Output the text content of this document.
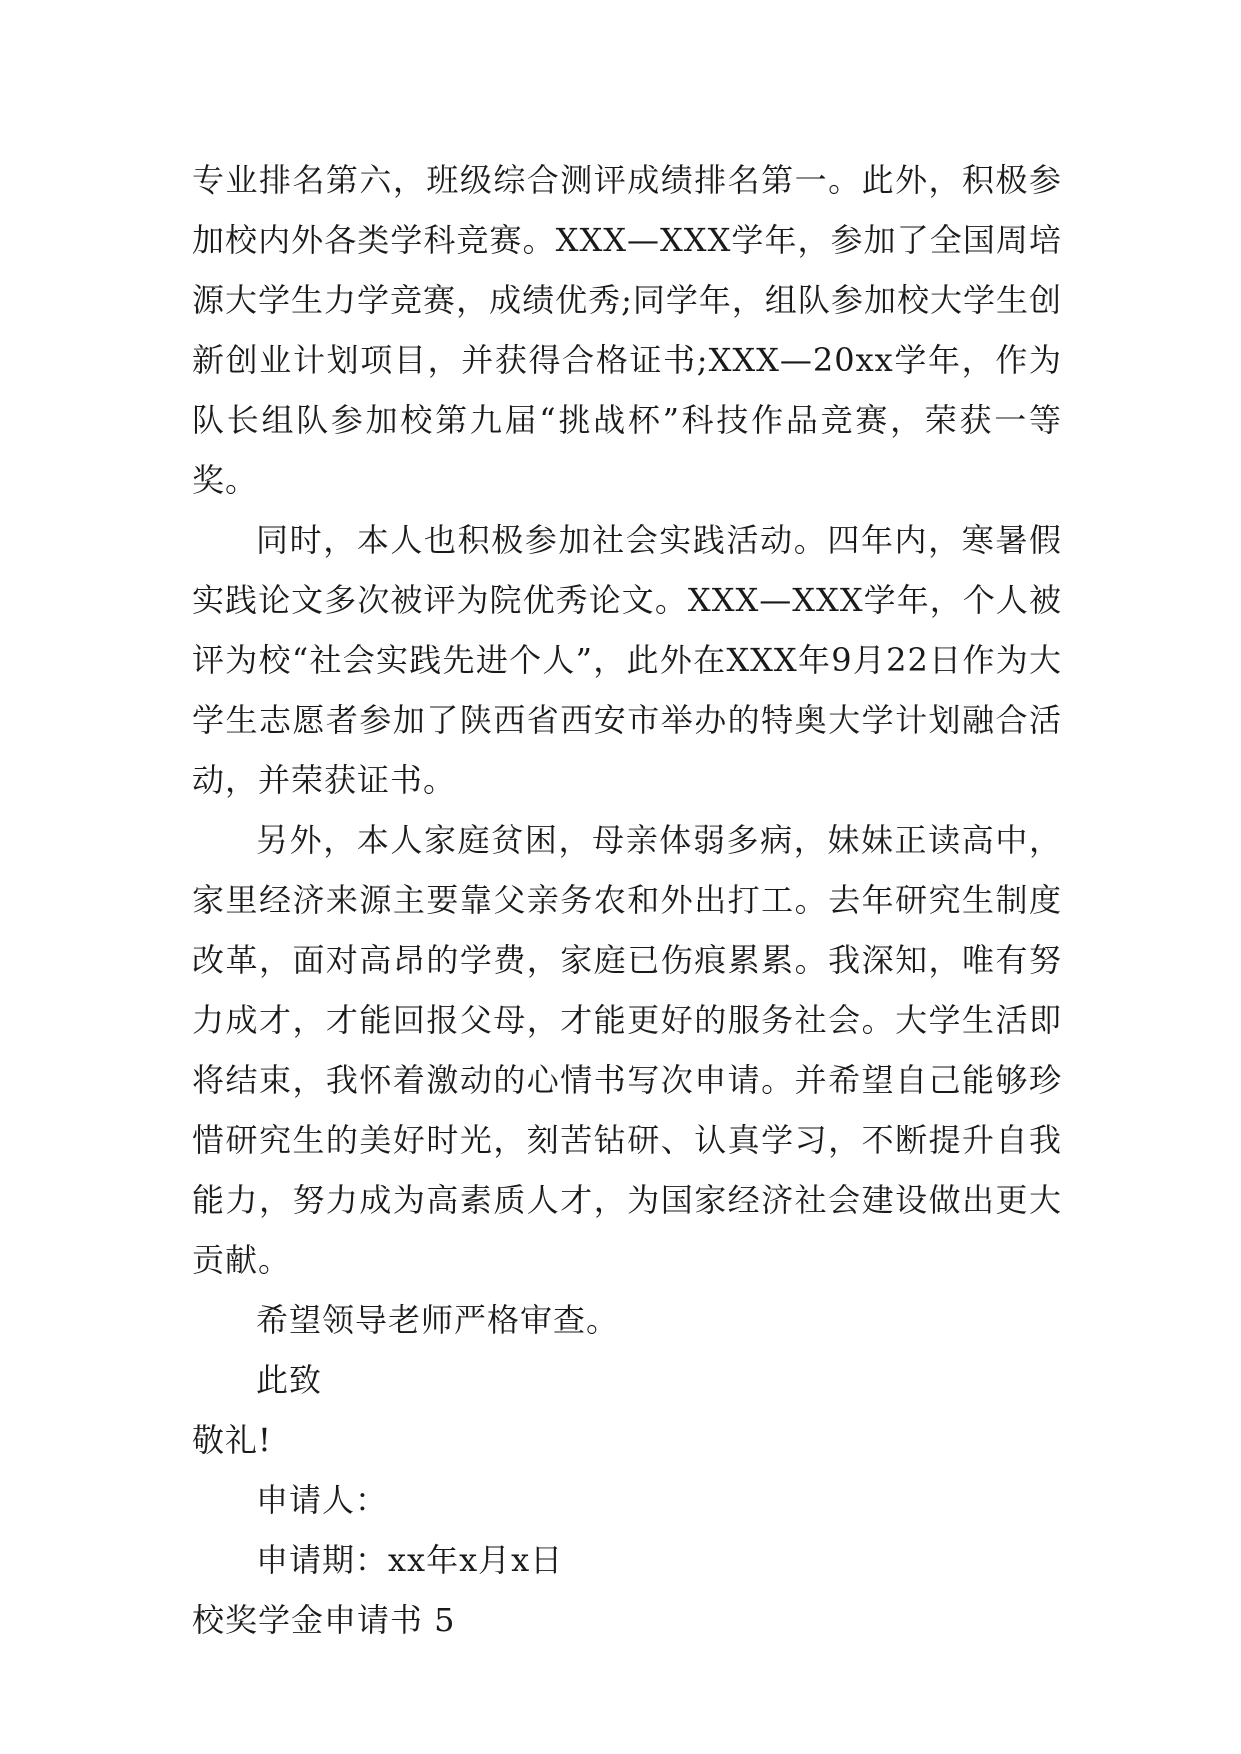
专业排名第六，班级综合测评成绩排名第一。此外，积极参加校内外各类学科竞赛。XXX—XXX学年，参加了全国周培源大学生力学竞赛，成绩优秀;同学年，组队参加校大学生创新创业计划项目，并获得合格证书;XXX—20xx学年，作为队长组队参加校第九届“挑战杯”科技作品竞赛，荣获一等奖。

同时，本人也积极参加社会实践活动。四年内，寒暑假实践论文多次被评为院优秀论文。XXX—XXX学年，个人被评为校“社会实践先进个人”，此外在XXX年9月22日作为大学生志愿者参加了陕西省西安市举办的特奥大学计划融合活动，并荣获证书。

另外，本人家庭贫困，母亲体弱多病，妹妹正读高中，家里经济来源主要靠父亲务农和外出打工。去年研究生制度改革，面对高昂的学费，家庭已伤痕累累。我深知，唯有努力成才，才能回报父母，才能更好的服务社会。大学生活即将结束，我怀着激动的心情书写次申请。并希望自己能够珍惜研究生的美好时光，刻苦钻研、认真学习，不断提升自我能力，努力成为高素质人才，为国家经济社会建设做出更大贡献。

希望领导老师严格审查。

此致

敬礼!

申请人：

申请期：xx年x月x日

校奖学金申请书 5
